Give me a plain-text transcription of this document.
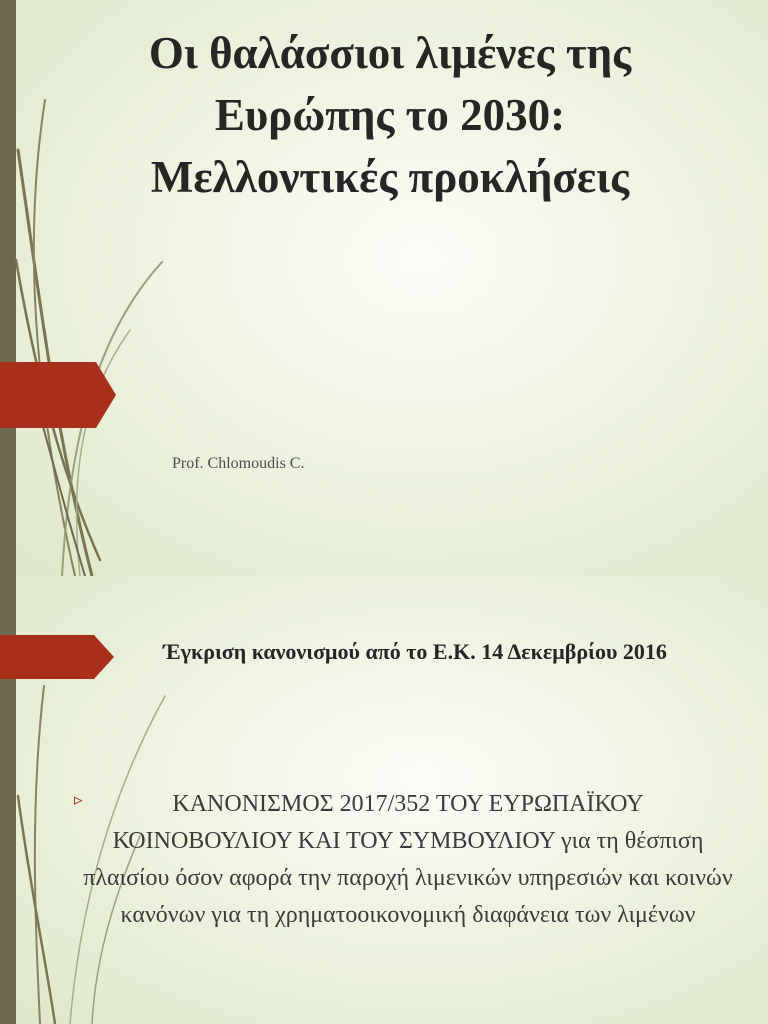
Οι θαλάσσιοι λιμένες της Ευρώπης το 2030: Μελλοντικές προκλήσεις
Prof. Chlomoudis C.
Έγκριση κανονισμού από το Ε.Κ. 14 Δεκεμβρίου 2016
▹	ΚΑΝΟΝΙΣΜΟΣ 2017/352 ΤΟΥ ΕΥΡΩΠΑΪΚΟΥ ΚΟΙΝΟΒΟΥΛΙΟΥ ΚΑΙ ΤΟΥ ΣΥΜΒΟΥΛΙΟΥ για τη θέσπιση πλαισίου όσον αφορά την παροχή λιμενικών υπηρεσιών και κοινών κανόνων για τη χρηματοοικονομική διαφάνεια των λιμένων
